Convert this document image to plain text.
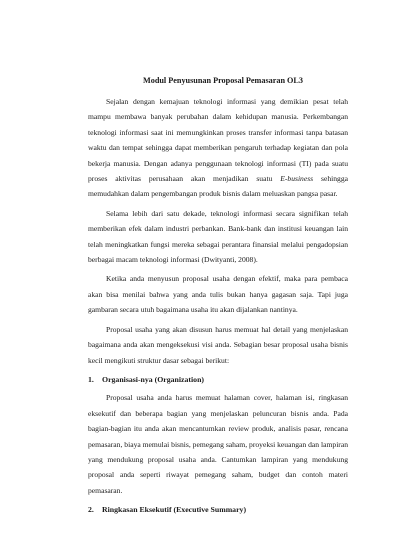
Modul Penyusunan Proposal Pemasaran OL3

Sejalan dengan kemajuan teknologi informasi yang demikian pesat telah mampu membawa banyak perubahan dalam kehidupan manusia. Perkembangan teknologi informasi saat ini memungkinkan proses transfer informasi tanpa batasan waktu dan tempat sehingga dapat memberikan pengaruh terhadap kegiatan dan pola bekerja manusia. Dengan adanya penggunaan teknologi informasi (TI) pada suatu proses aktivitas perusahaan akan menjadikan suatu E-business sehingga memudahkan dalam pengembangan produk bisnis dalam meluaskan pangsa pasar.

Selama lebih dari satu dekade, teknologi informasi secara signifikan telah memberikan efek dalam industri perbankan. Bank-bank dan institusi keuangan lain telah meningkatkan fungsi mereka sebagai perantara finansial melalui pengadopsian berbagai macam teknologi informasi (Dwityanti, 2008).

Ketika anda menyusun proposal usaha dengan efektif, maka para pembaca akan bisa menilai bahwa yang anda tulis bukan hanya gagasan saja. Tapi juga gambaran secara utuh bagaimana usaha itu akan dijalankan nantinya.

Proposal usaha yang akan disusun harus memuat hal detail yang menjelaskan bagaimana anda akan mengeksekusi visi anda. Sebagian besar proposal usaha bisnis kecil mengikuti struktur dasar sebagai berikut:

1.	Organisasi-nya (Organization)

Proposal usaha anda harus memuat halaman cover, halaman isi, ringkasan eksekutif dan beberapa bagian yang menjelaskan peluncuran bisnis anda. Pada bagian-bagian itu anda akan mencantumkan review produk, analisis pasar, rencana pemasaran, biaya memulai bisnis, pemegang saham, proyeksi keuangan dan lampiran yang mendukung proposal usaha anda. Cantumkan lampiran yang mendukung proposal anda seperti riwayat pemegang saham, budget dan contoh materi pemasaran.

2.	Ringkasan Eksekutif (Executive Summary)
